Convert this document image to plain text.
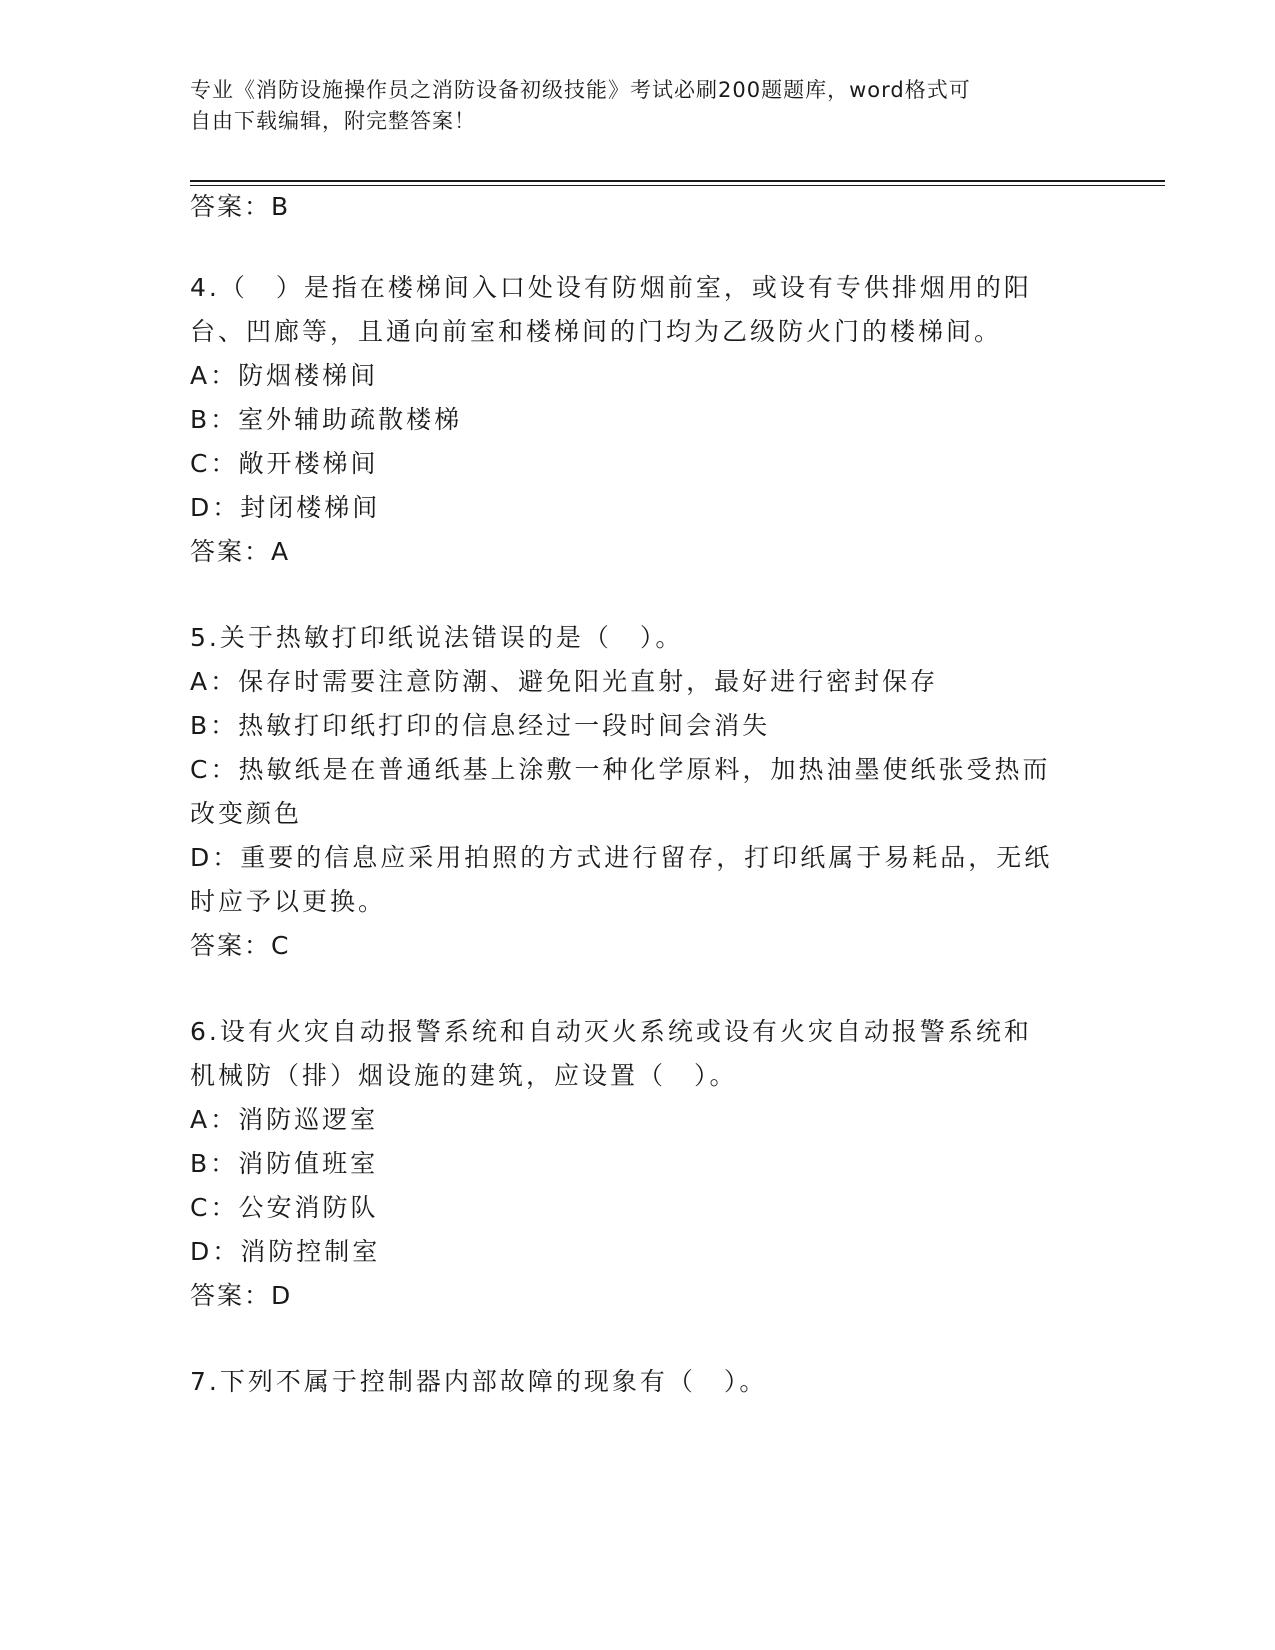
专业《消防设施操作员之消防设备初级技能》考试必刷200题题库，word格式可
自由下载编辑，附完整答案！
答案：B
4.（　）是指在楼梯间入口处设有防烟前室，或设有专供排烟用的阳
台、凹廊等，且通向前室和楼梯间的门均为乙级防火门的楼梯间。
A：防烟楼梯间
B：室外辅助疏散楼梯
C：敞开楼梯间
D：封闭楼梯间
答案：A
5.关于热敏打印纸说法错误的是（　）。
A：保存时需要注意防潮、避免阳光直射，最好进行密封保存
B：热敏打印纸打印的信息经过一段时间会消失
C：热敏纸是在普通纸基上涂敷一种化学原料，加热油墨使纸张受热而
改变颜色
D：重要的信息应采用拍照的方式进行留存，打印纸属于易耗品，无纸
时应予以更换。
答案：C
6.设有火灾自动报警系统和自动灭火系统或设有火灾自动报警系统和
机械防（排）烟设施的建筑，应设置（　）。
A：消防巡逻室
B：消防值班室
C：公安消防队
D：消防控制室
答案：D
7.下列不属于控制器内部故障的现象有（　）。
